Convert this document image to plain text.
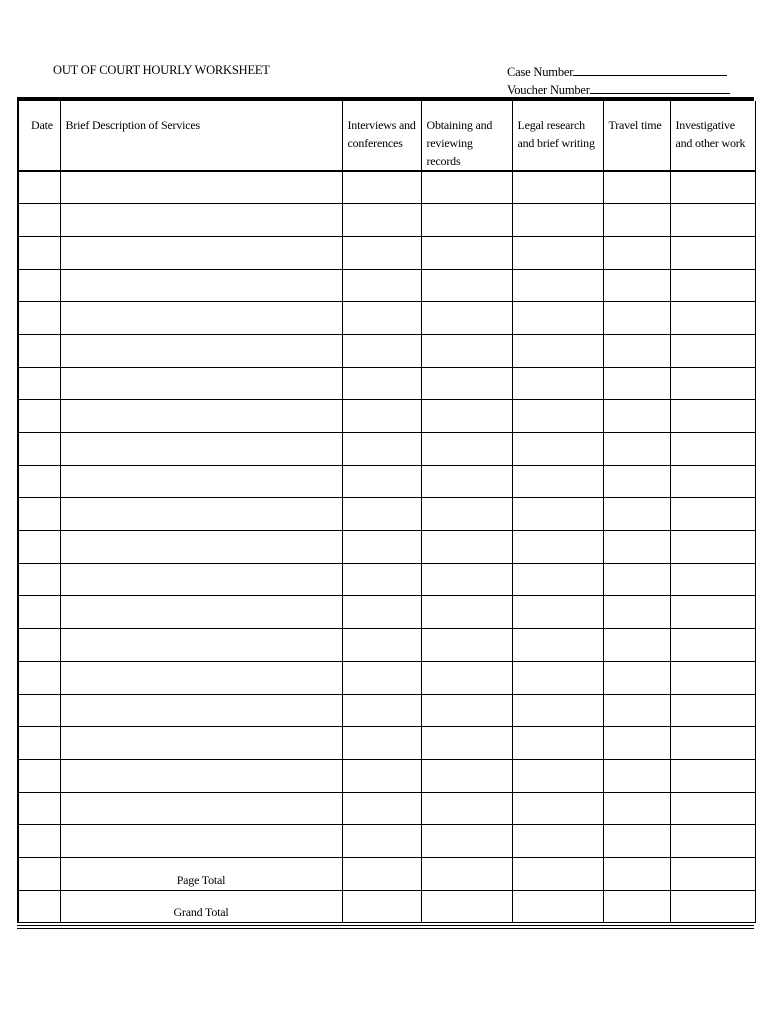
OUT OF COURT HOURLY WORKSHEET	Case Number
Voucher Number
Date	Brief Description of Services	Interviews and conferences	Obtaining and reviewing records	Legal research and brief writing	Travel time	Investigative and other work

	Page Total					
	Grand Total					
